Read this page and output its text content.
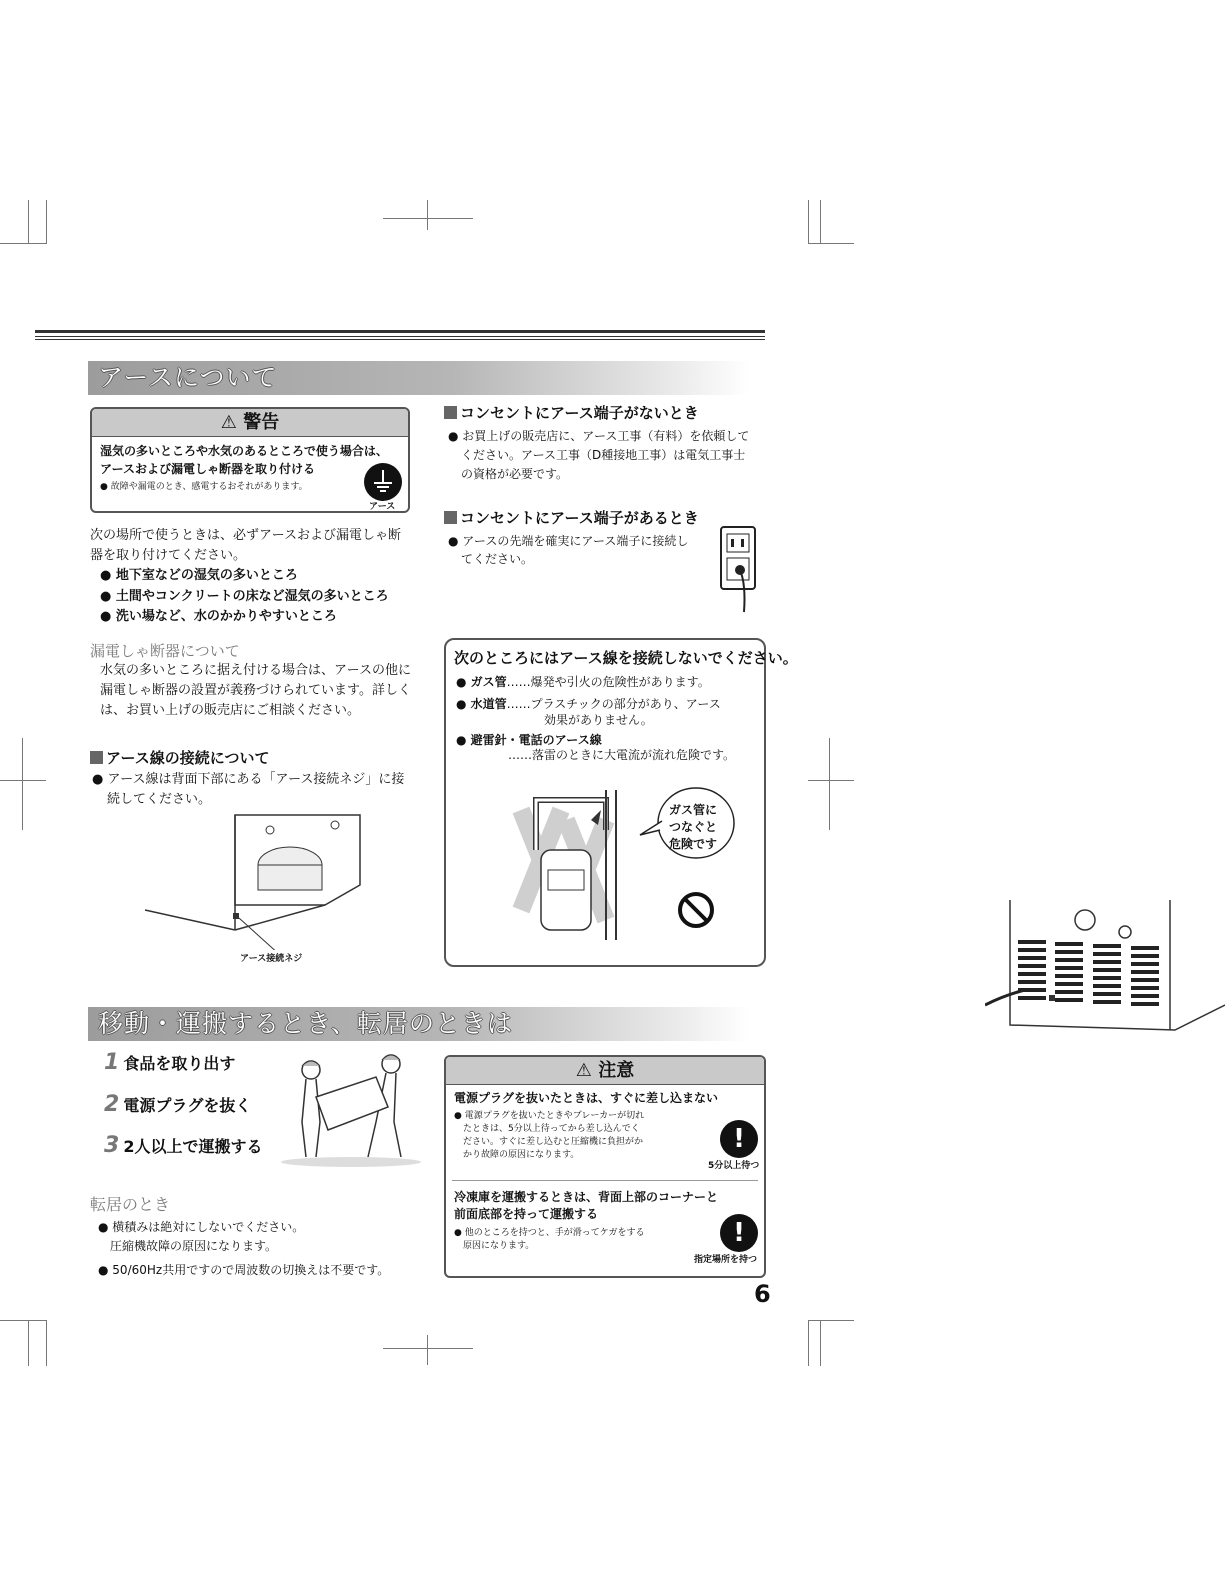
アースについて
⚠ 警告
湿気の多いところや水気のあるところで使う場合は、
アースおよび漏電しゃ断器を取り付ける
● 故障や漏電のとき、感電するおそれがあります。
アース
次の場所で使うときは、必ずアースおよび漏電しゃ断
器を取り付けてください。
● 地下室などの湿気の多いところ
● 土間やコンクリートの床など湿気の多いところ
● 洗い場など、水のかかりやすいところ
漏電しゃ断器について
水気の多いところに据え付ける場合は、アースの他に
漏電しゃ断器の設置が義務づけられています。詳しく
は、お買い上げの販売店にご相談ください。
アース線の接続について
● アース線は背面下部にある「アース接続ネジ」に接
続してください。
アース接続ネジ
コンセントにアース端子がないとき
● お買上げの販売店に、アース工事（有料）を依頼して
ください。アース工事（D種接地工事）は電気工事士
の資格が必要です。
コンセントにアース端子があるとき
● アースの先端を確実にアース端子に接続し
てください。
次のところにはアース線を接続しないでください。
● ガス管……爆発や引火の危険性があります。
● 水道管……プラスチックの部分があり、アース
効果がありません。
● 避雷針・電話のアース線
……落雷のときに大電流が流れ危険です。
ガス管に
つなぐと
危険です
移動・運搬するとき、転居のときは
1 食品を取り出す
2 電源プラグを抜く
3 2人以上で運搬する
転居のとき
● 横積みは絶対にしないでください。
圧縮機故障の原因になります。
● 50/60Hz共用ですので周波数の切換えは不要です。
⚠ 注意
電源プラグを抜いたときは、すぐに差し込まない
● 電源プラグを抜いたときやブレーカーが切れ
たときは、5分以上待ってから差し込んでく
ださい。すぐに差し込むと圧縮機に負担がか
かり故障の原因になります。
!
5分以上待つ
冷凍庫を運搬するときは、背面上部のコーナーと
前面底部を持って運搬する
● 他のところを持つと、手が滑ってケガをする
原因になります。	!
指定場所を持つ
6
